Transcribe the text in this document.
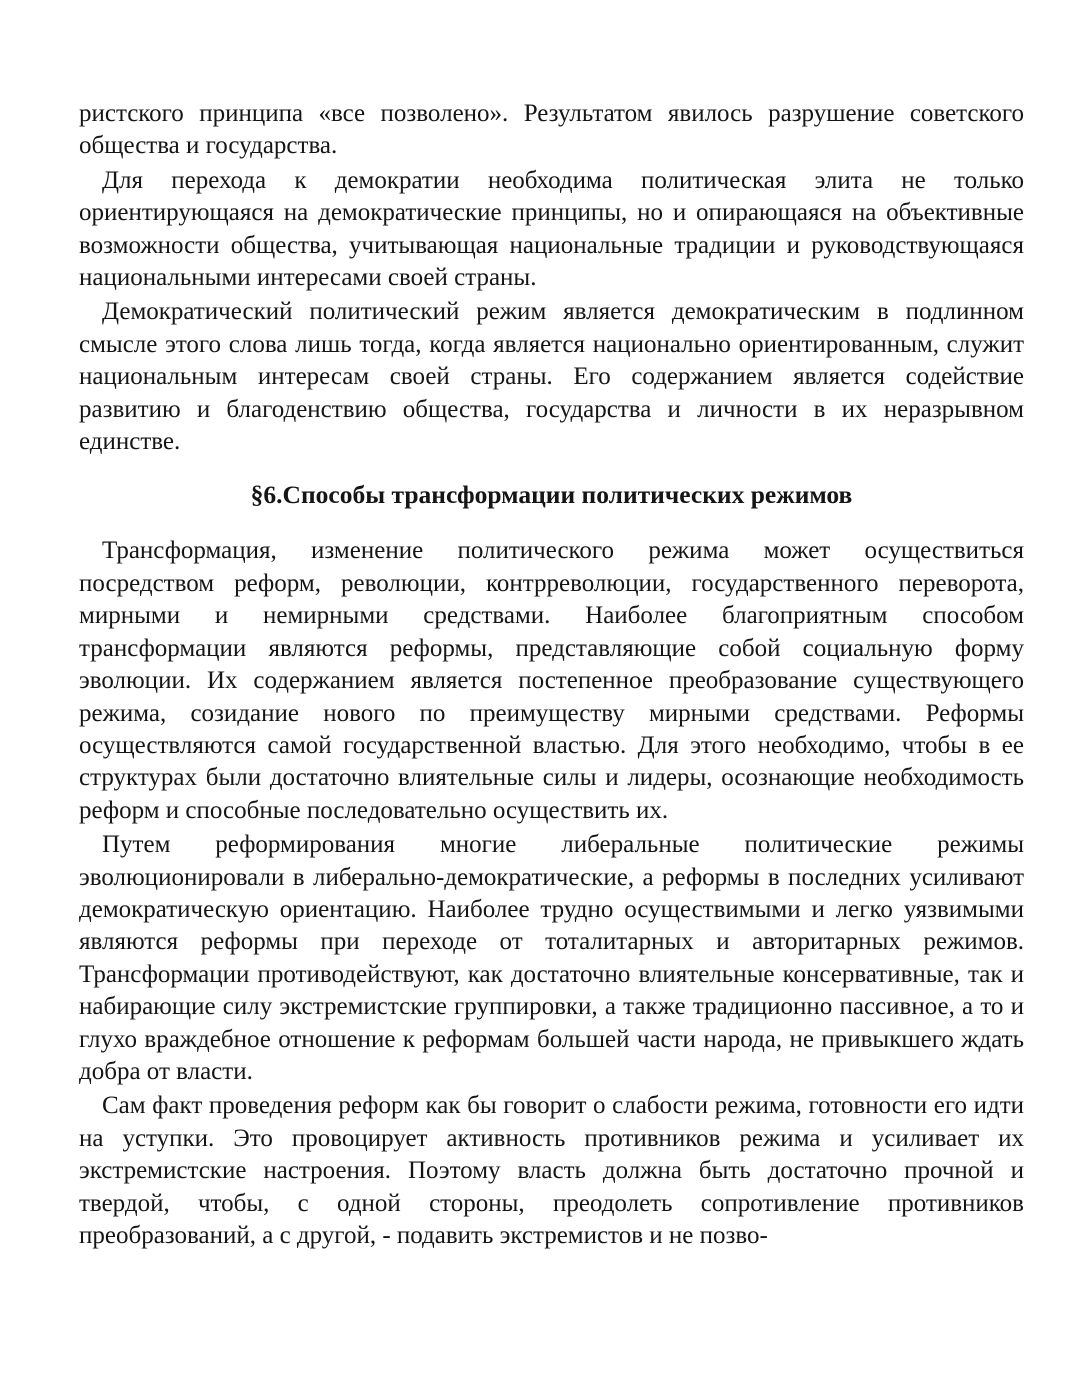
ристского принципа «все позволено». Результатом явилось разрушение советского общества и государства.

Для перехода к демократии необходима политическая элита не только ориентирующаяся на демократические принципы, но и опирающаяся на объективные возможности общества, учитывающая национальные традиции и руководствующаяся национальными интересами своей страны.

Демократический политический режим является демократическим в подлинном смысле этого слова лишь тогда, когда является национально ориентированным, служит национальным интересам своей страны. Его содержанием является содействие развитию и благоденствию общества, государства и личности в их неразрывном единстве.

§6.Способы трансформации политических режимов

Трансформация, изменение политического режима может осуществиться посредством реформ, революции, контрреволюции, государственного переворота, мирными и немирными средствами. Наиболее благоприятным способом трансформации являются реформы, представляющие собой социальную форму эволюции. Их содержанием является постепенное преобразование существующего режима, созидание нового по преимуществу мирными средствами. Реформы осуществляются самой государственной властью. Для этого необходимо, чтобы в ее структурах были достаточно влиятельные силы и лидеры, осознающие необходимость реформ и способные последовательно осуществить их.

Путем реформирования многие либеральные политические режимы эволюционировали в либерально-демократические, а реформы в последних усиливают демократическую ориентацию. Наиболее трудно осуществимыми и легко уязвимыми являются реформы при переходе от тоталитарных и авторитарных режимов. Трансформации противодействуют, как достаточно влиятельные консервативные, так и набирающие силу экстремистские группировки, а также традиционно пассивное, а то и глухо враждебное отношение к реформам большей части народа, не привыкшего ждать добра от власти.

Сам факт проведения реформ как бы говорит о слабости режима, готовности его идти на уступки. Это провоцирует активность противников режима и усиливает их экстремистские настроения. Поэтому власть должна быть достаточно прочной и твердой, чтобы, с одной стороны, преодолеть сопротивление противников преобразований, а с другой, - подавить экстремистов и не позво-
